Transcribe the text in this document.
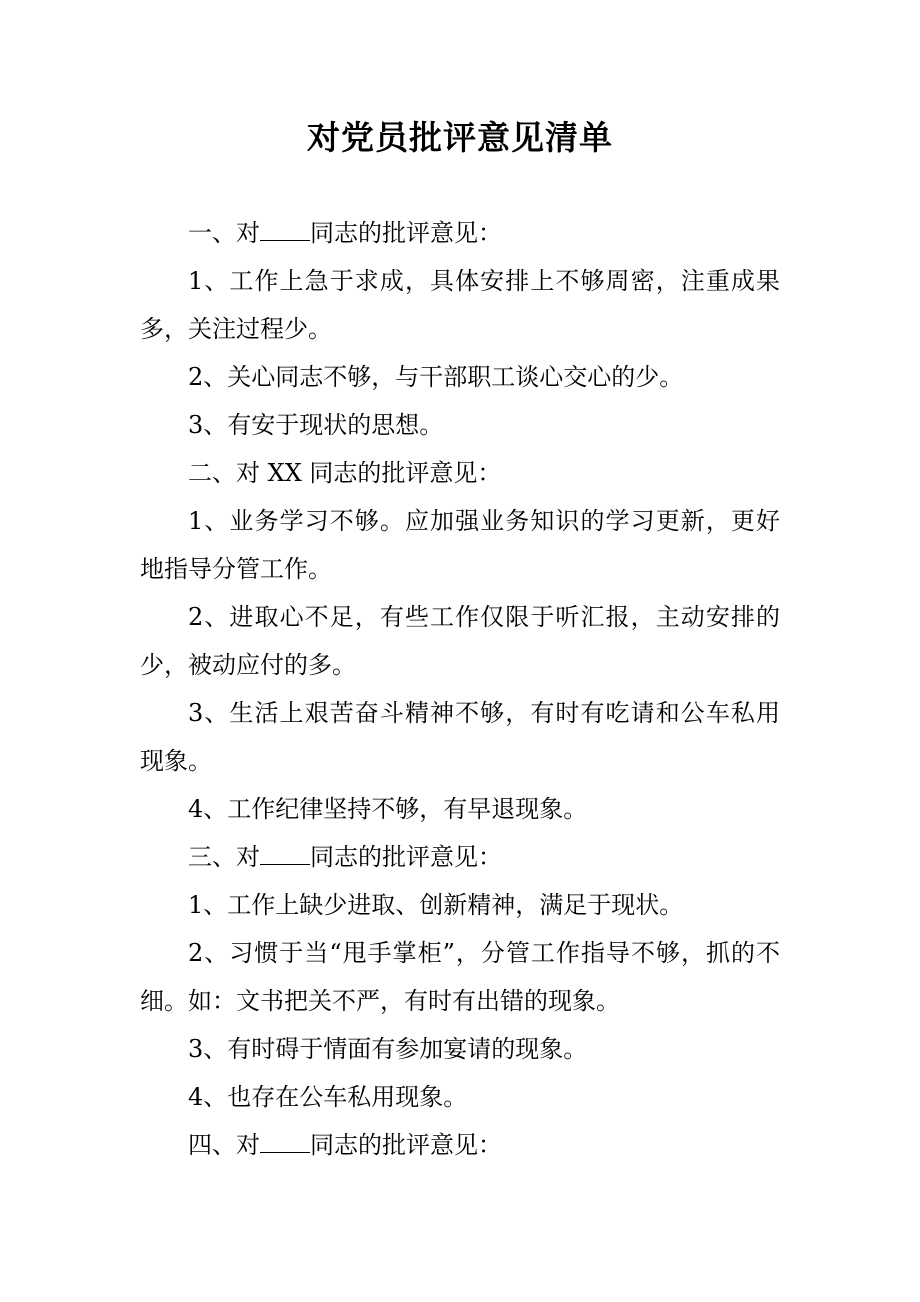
对党员批评意见清单
一、对 同志的批评意见：
1、工作上急于求成，具体安排上不够周密，注重成果
多，关注过程少。
2、关心同志不够，与干部职工谈心交心的少。
3、有安于现状的思想。
二、对 XX 同志的批评意见：
1、业务学习不够。应加强业务知识的学习更新，更好
地指导分管工作。
2、进取心不足，有些工作仅限于听汇报，主动安排的
少，被动应付的多。
3、生活上艰苦奋斗精神不够，有时有吃请和公车私用
现象。
4、工作纪律坚持不够，有早退现象。
三、对 同志的批评意见：
1、工作上缺少进取、创新精神，满足于现状。
2、习惯于当“甩手掌柜”，分管工作指导不够，抓的不
细。如：文书把关不严，有时有出错的现象。
3、有时碍于情面有参加宴请的现象。
4、也存在公车私用现象。
四、对 同志的批评意见：
